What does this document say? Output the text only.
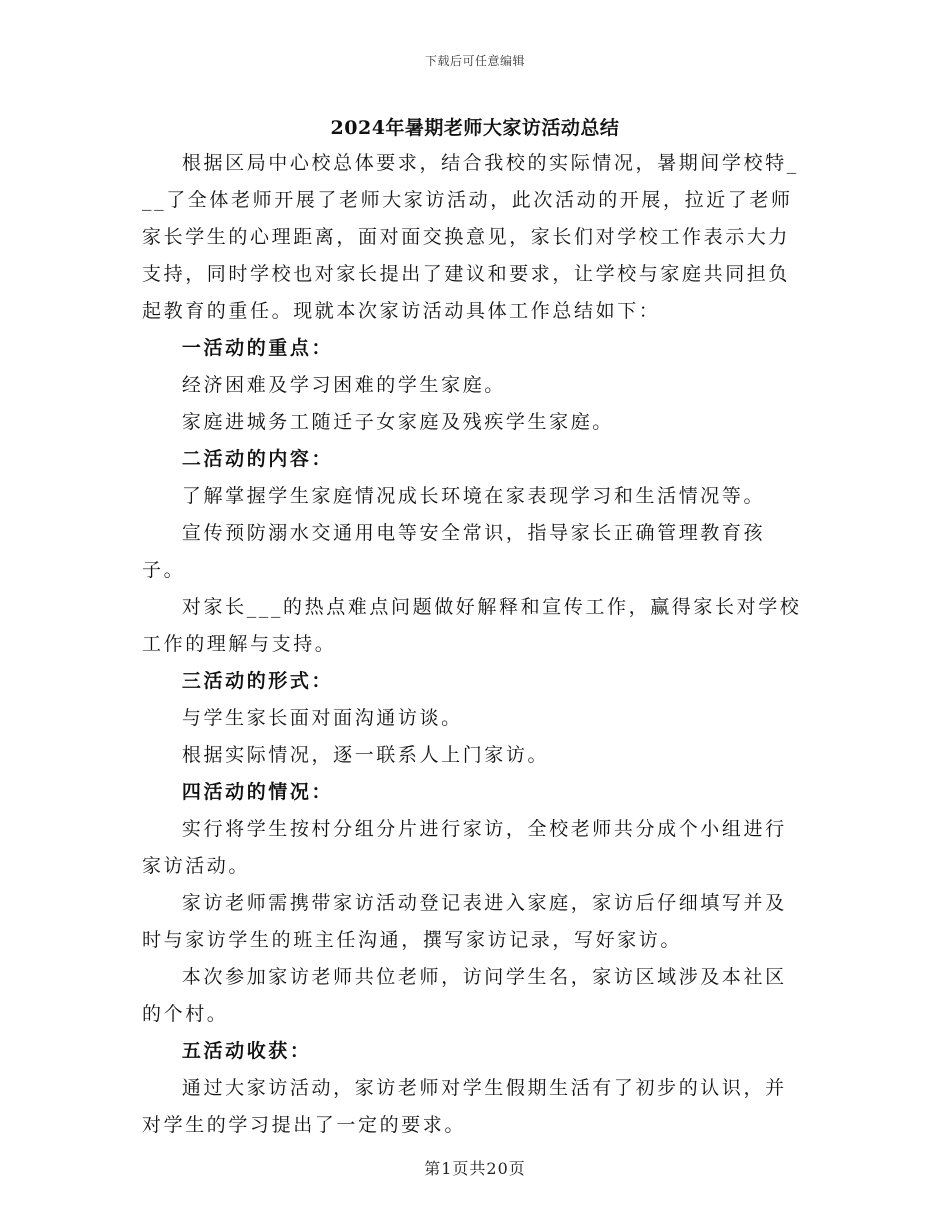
下载后可任意编辑
2024年暑期老师大家访活动总结

根据区局中心校总体要求，结合我校的实际情况，暑期间学校特___了全体老师开展了老师大家访活动，此次活动的开展，拉近了老师家长学生的心理距离，面对面交换意见，家长们对学校工作表示大力支持，同时学校也对家长提出了建议和要求，让学校与家庭共同担负起教育的重任。现就本次家访活动具体工作总结如下：

一活动的重点：

经济困难及学习困难的学生家庭。

家庭进城务工随迁子女家庭及残疾学生家庭。

二活动的内容：

了解掌握学生家庭情况成长环境在家表现学习和生活情况等。

宣传预防溺水交通用电等安全常识，指导家长正确管理教育孩子。

对家长___的热点难点问题做好解释和宣传工作，赢得家长对学校工作的理解与支持。

三活动的形式：

与学生家长面对面沟通访谈。

根据实际情况，逐一联系人上门家访。

四活动的情况：

实行将学生按村分组分片进行家访，全校老师共分成个小组进行家访活动。

家访老师需携带家访活动登记表进入家庭，家访后仔细填写并及时与家访学生的班主任沟通，撰写家访记录，写好家访。

本次参加家访老师共位老师，访问学生名，家访区域涉及本社区的个村。

五活动收获：

通过大家访活动，家访老师对学生假期生活有了初步的认识，并对学生的学习提出了一定的要求。

第1页共20页
